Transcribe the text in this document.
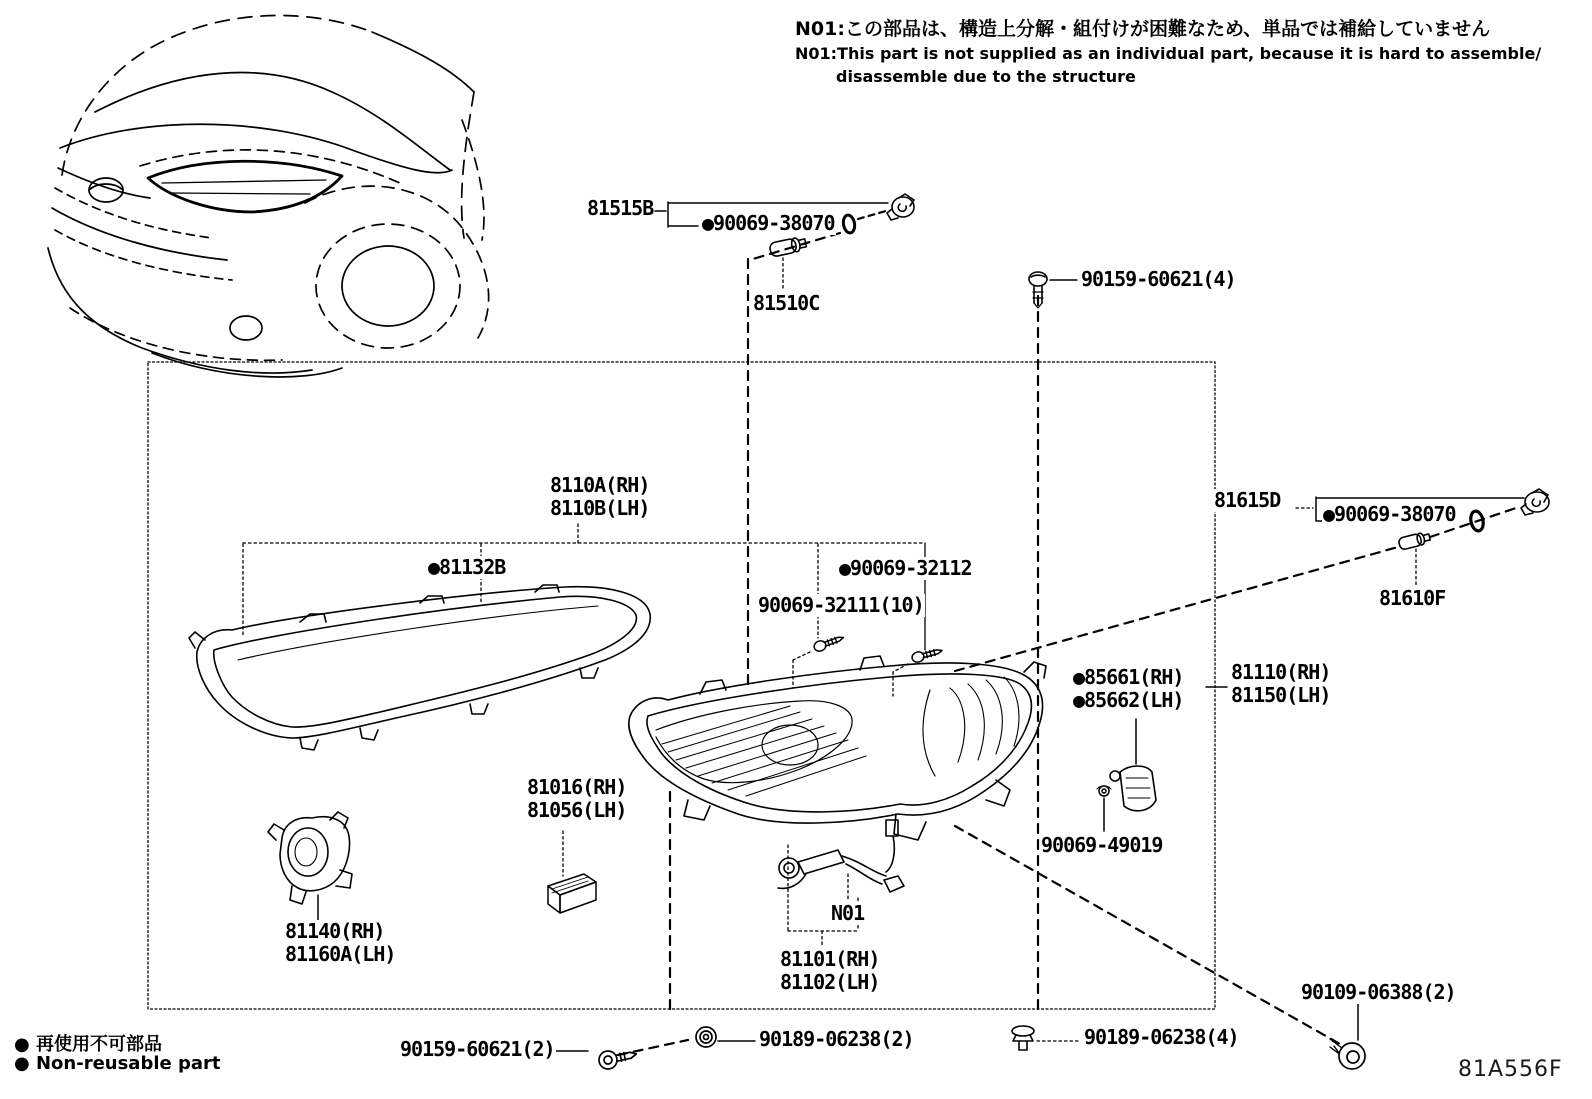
N01:この部品は、構造上分解・組付けが困難なため、単品では補給していません
N01:This part is not supplied as an individual part, because it is hard to assemble/
disassemble due to the structure
81515B
●90069-38070
81510C
90159-60621(4)
8110A(RH)
8110B(LH)
●81132B	●90069-32112
90069-32111(10)
81615D
●90069-38070
81610F
81110(RH)
81150(LH)
●85661(RH)
●85662(LH)
81016(RH)
81056(LH)
90069-49019
81140(RH)
81160A(LH)
N01
81101(RH)
81102(LH)
90189-06238(2)	90189-06238(4)
90159-60621(2)
90109-06388(2)
● 再使用不可部品
● Non-reusable part	81A556F
